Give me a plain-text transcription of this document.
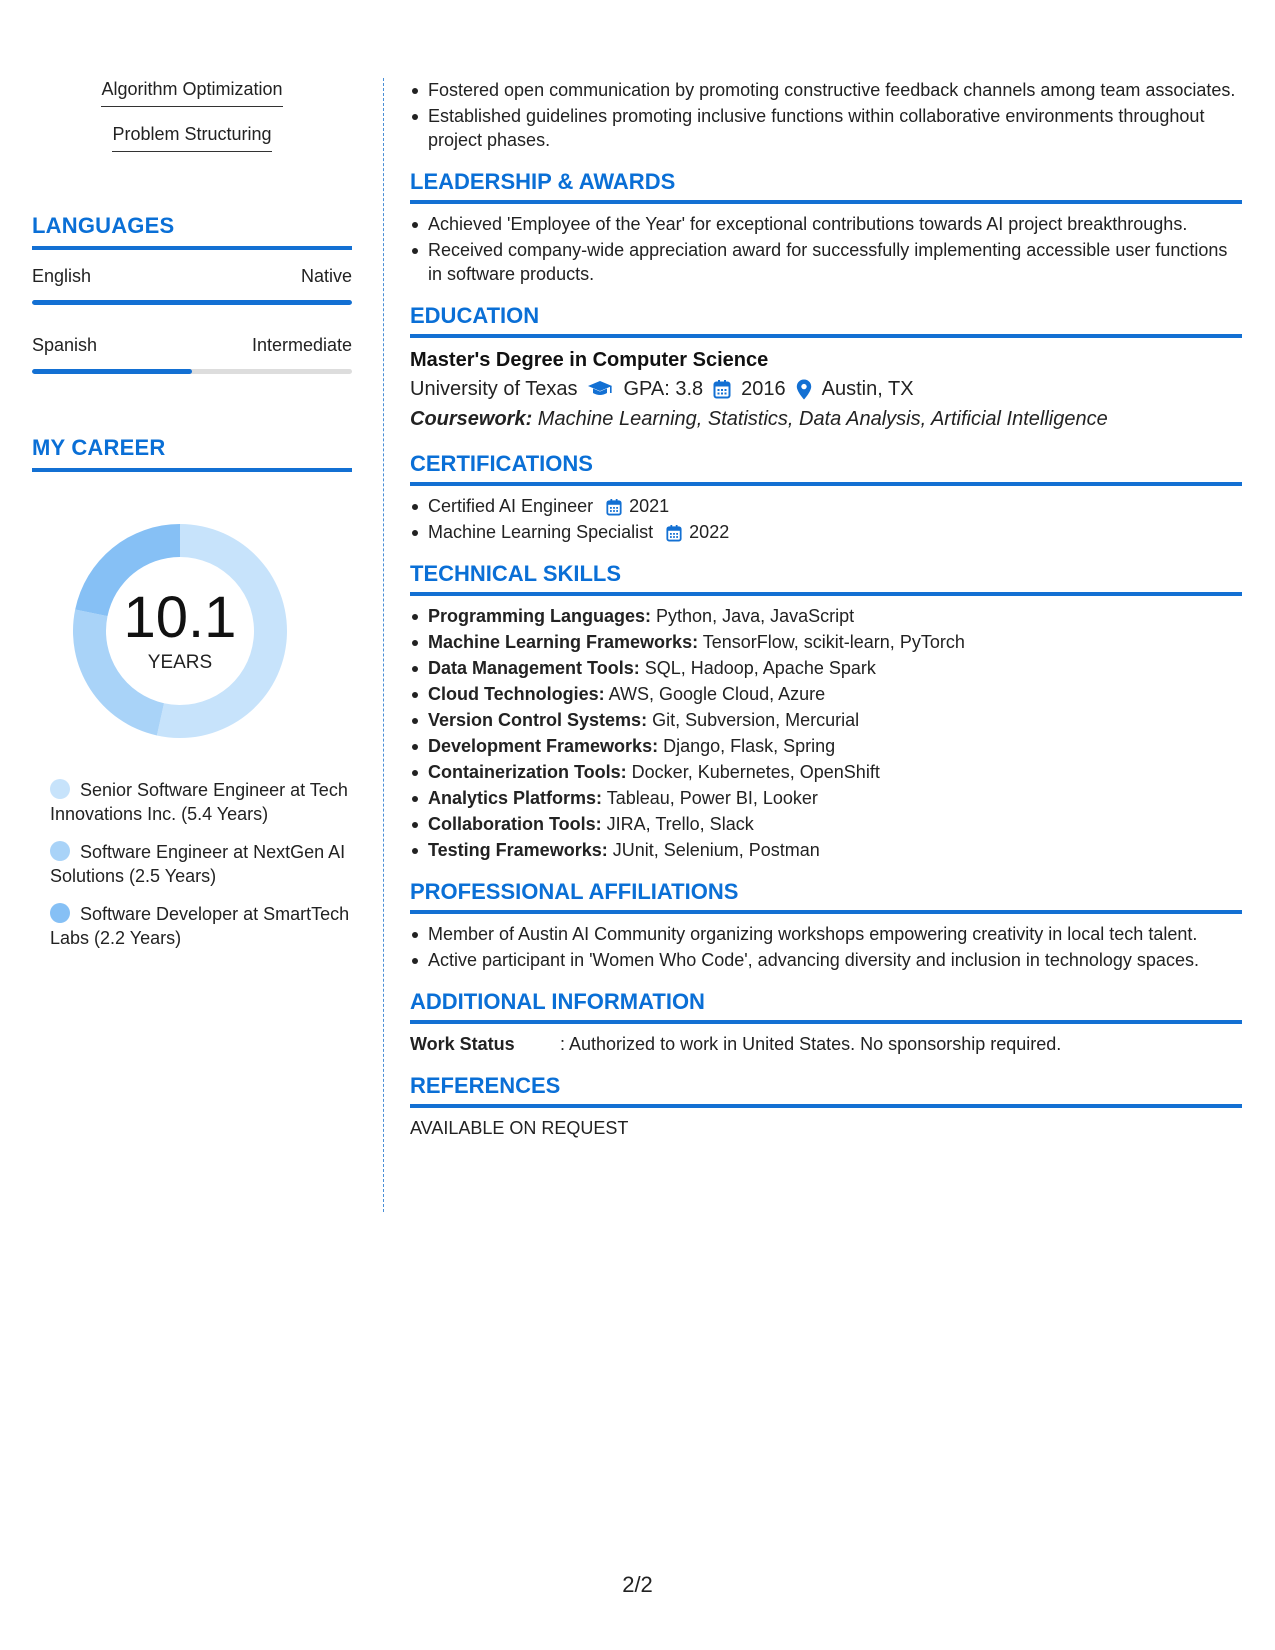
Algorithm Optimization
Problem Structuring
LANGUAGES
English	Native
Spanish	Intermediate
MY CAREER
10.1
YEARS
Senior Software Engineer at Tech Innovations Inc. (5.4 Years)
Software Engineer at NextGen AI Solutions (2.5 Years)
Software Developer at SmartTech Labs (2.2 Years)
Fostered open communication by promoting constructive feedback channels among team associates.
Established guidelines promoting inclusive functions within collaborative environments throughout project phases.
LEADERSHIP & AWARDS
Achieved 'Employee of the Year' for exceptional contributions towards AI project breakthroughs.
Received company-wide appreciation award for successfully implementing accessible user functions in software products.
EDUCATION
Master's Degree in Computer Science
University of Texas GPA: 3.8 2016 Austin, TX
Coursework: Machine Learning, Statistics, Data Analysis, Artificial Intelligence
CERTIFICATIONS
Certified AI Engineer 2021
Machine Learning Specialist 2022
TECHNICAL SKILLS
Programming Languages: Python, Java, JavaScript
Machine Learning Frameworks: TensorFlow, scikit-learn, PyTorch
Data Management Tools: SQL, Hadoop, Apache Spark
Cloud Technologies: AWS, Google Cloud, Azure
Version Control Systems: Git, Subversion, Mercurial
Development Frameworks: Django, Flask, Spring
Containerization Tools: Docker, Kubernetes, OpenShift
Analytics Platforms: Tableau, Power BI, Looker
Collaboration Tools: JIRA, Trello, Slack
Testing Frameworks: JUnit, Selenium, Postman
PROFESSIONAL AFFILIATIONS
Member of Austin AI Community organizing workshops empowering creativity in local tech talent.
Active participant in 'Women Who Code', advancing diversity and inclusion in technology spaces.
ADDITIONAL INFORMATION
Work Status	: Authorized to work in United States. No sponsorship required.
REFERENCES
AVAILABLE ON REQUEST
2/2
